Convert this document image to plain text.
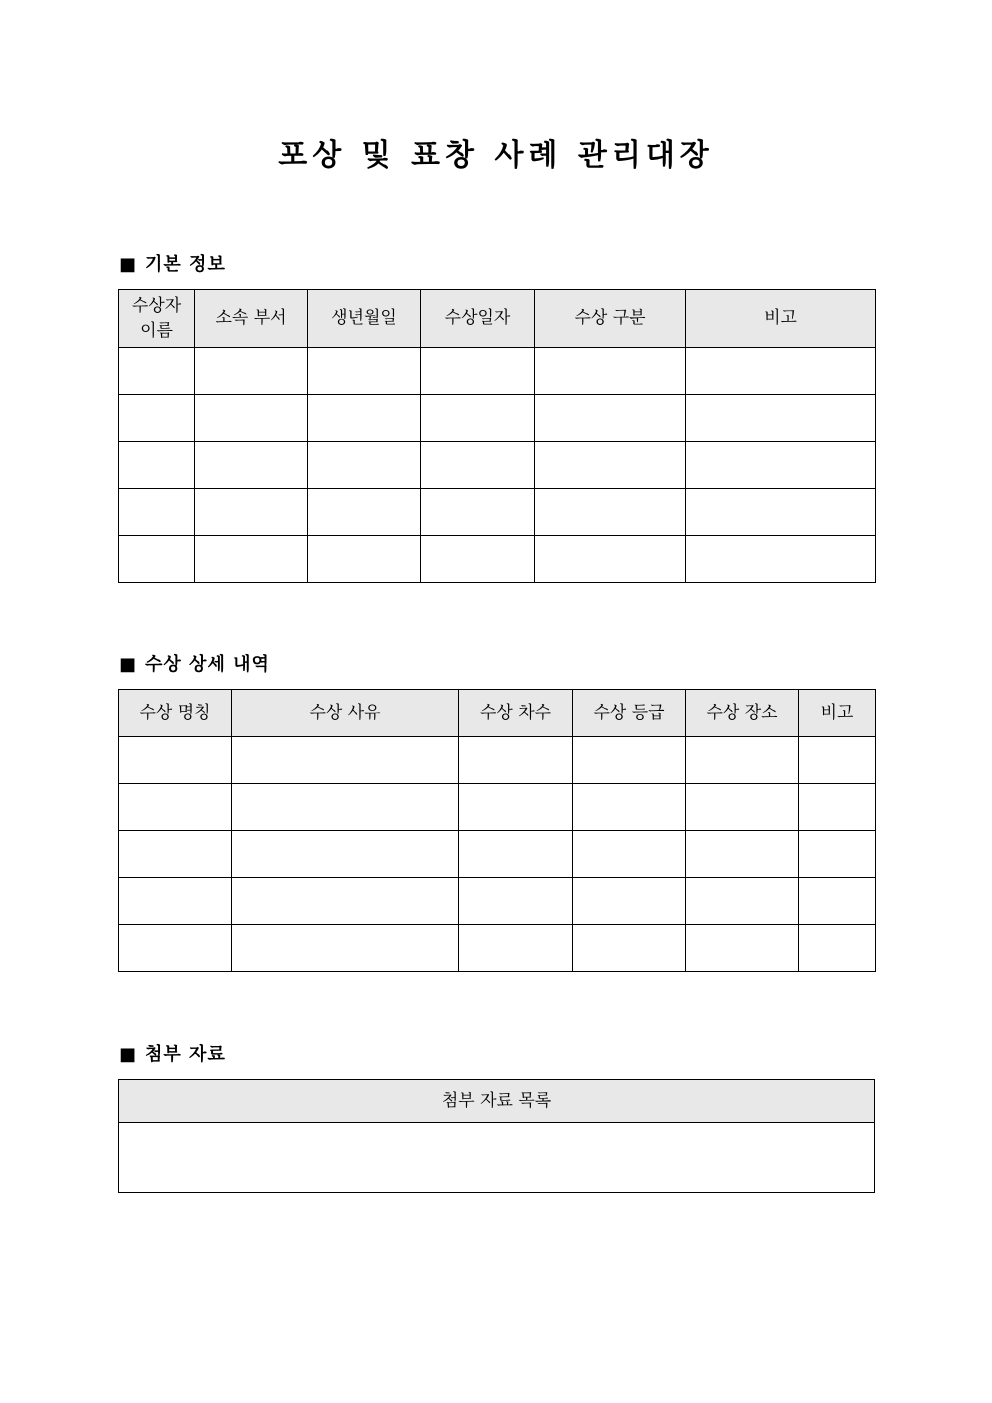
포상 및 표창 사례 관리대장
■ 기본 정보
수상자
이름	소속 부서	생년월일	수상일자	수상 구분	비고

■ 수상 상세 내역
수상 명칭	수상 사유	수상 차수	수상 등급	수상 장소	비고

■ 첨부 자료
첨부 자료 목록
